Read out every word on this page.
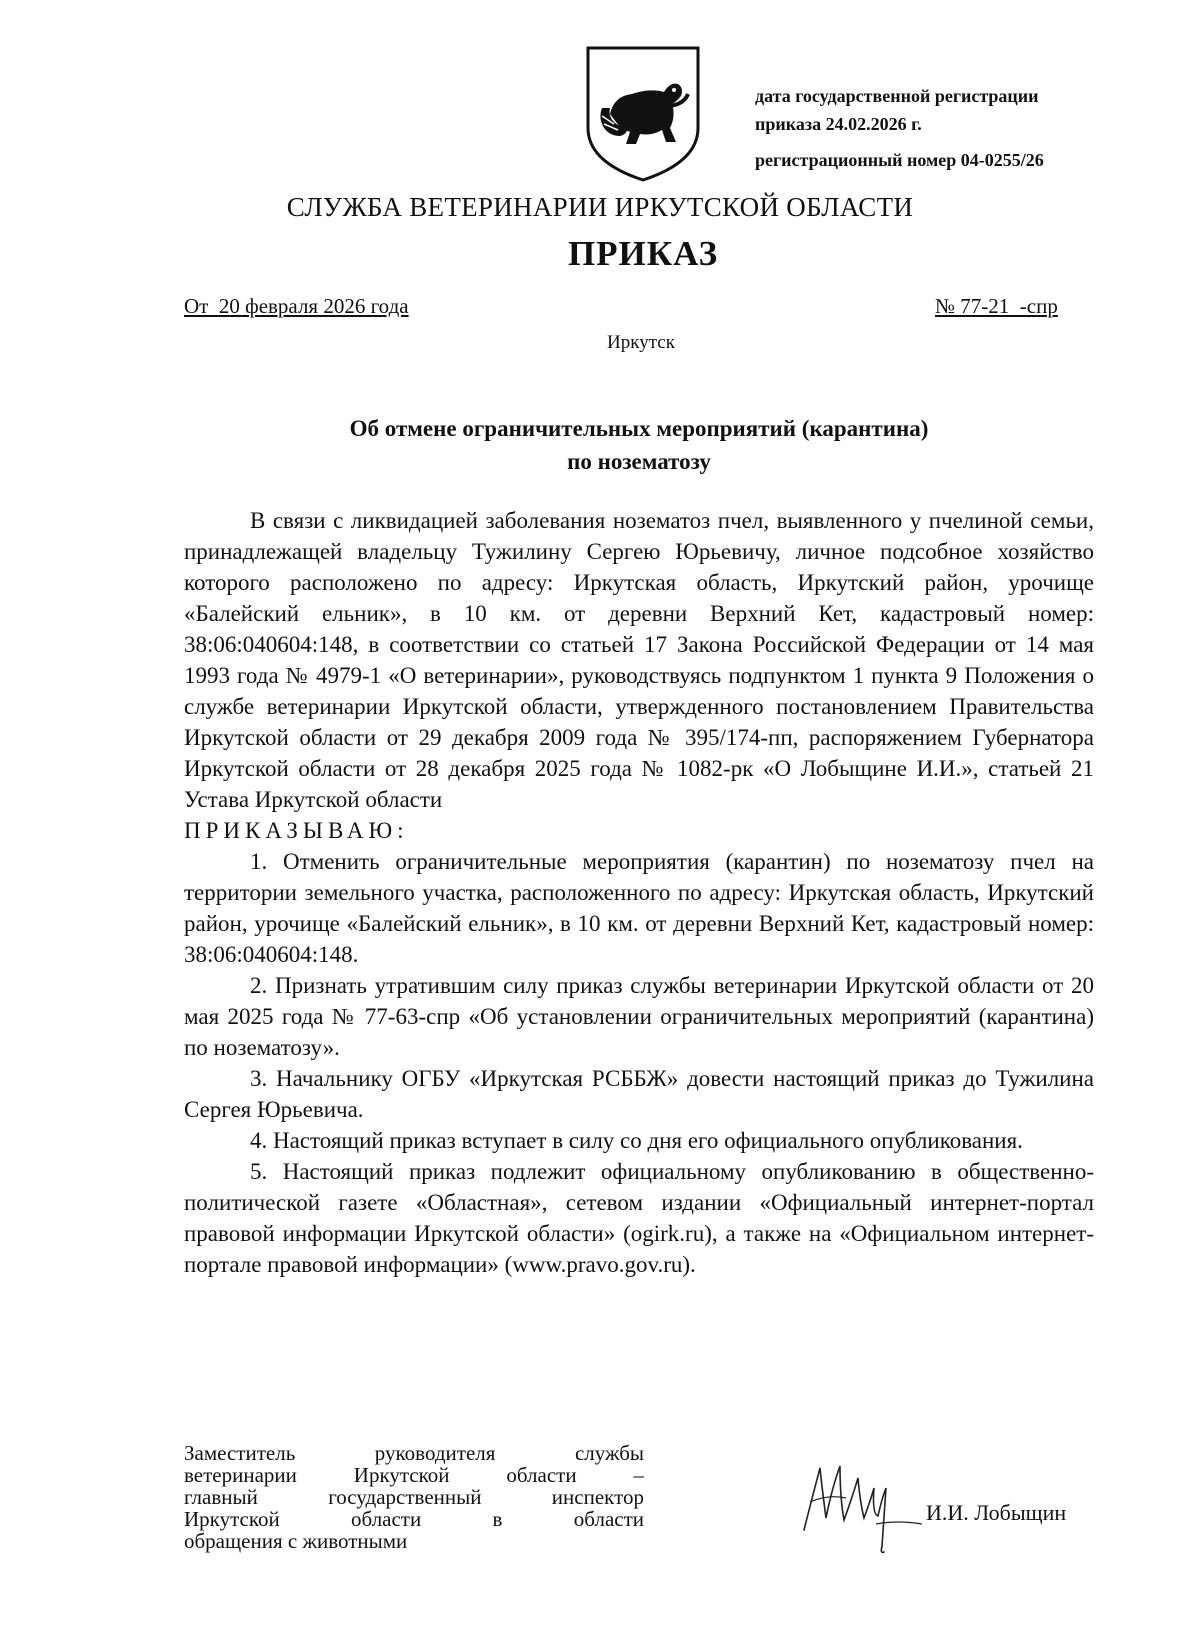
дата государственной регистрации
приказа 24.02.2026 г.
регистрационный номер 04-0255/26
СЛУЖБА ВЕТЕРИНАРИИ ИРКУТСКОЙ ОБЛАСТИ
ПРИКАЗ
От  20 февраля 2026 года	№ 77-21  -спр
Иркутск
Об отмене ограничительных мероприятий (карантина)
по нозематозу

В связи с ликвидацией заболевания нозематоз пчел, выявленного у пчелиной семьи, принадлежащей владельцу Тужилину Сергею Юрьевичу, личное подсобное хозяйство которого расположено по адресу: Иркутская область, Иркутский район, урочище «Балейский ельник», в 10 км. от деревни Верхний Кет, кадастровый номер: 38:06:040604:148, в соответствии со статьей 17 Закона Российской Федерации от 14 мая 1993 года № 4979-1 «О ветеринарии», руководствуясь подпунктом 1 пункта 9 Положения о службе ветеринарии Иркутской области, утвержденного постановлением Правительства Иркутской области от 29 декабря 2009 года № 395/174-пп, распоряжением Губернатора Иркутской области от 28 декабря 2025 года № 1082-рк «О Лобыщине И.И.», статьей 21 Устава Иркутской области

ПРИКАЗЫВАЮ:

1. Отменить ограничительные мероприятия (карантин) по нозематозу пчел на территории земельного участка, расположенного по адресу: Иркутская область, Иркутский район, урочище «Балейский ельник», в 10 км. от деревни Верхний Кет, кадастровый номер: 38:06:040604:148.

2. Признать утратившим силу приказ службы ветеринарии Иркутской области от 20 мая 2025 года № 77-63-спр «Об установлении ограничительных мероприятий (карантина) по нозематозу».

3. Начальнику ОГБУ «Иркутская РСББЖ» довести настоящий приказ до Тужилина Сергея Юрьевича.

4. Настоящий приказ вступает в силу со дня его официального опубликования.

5. Настоящий приказ подлежит официальному опубликованию в общественно-политической газете «Областная», сетевом издании «Официальный интернет-портал правовой информации Иркутской области» (ogirk.ru), а также на «Официальном интернет-портале правовой информации» (www.pravo.gov.ru).

Заместитель руководителя службы
ветеринарии Иркутской области –
главный государственный инспектор
Иркутской области в области
обращения с животными
И.И. Лобыщин
